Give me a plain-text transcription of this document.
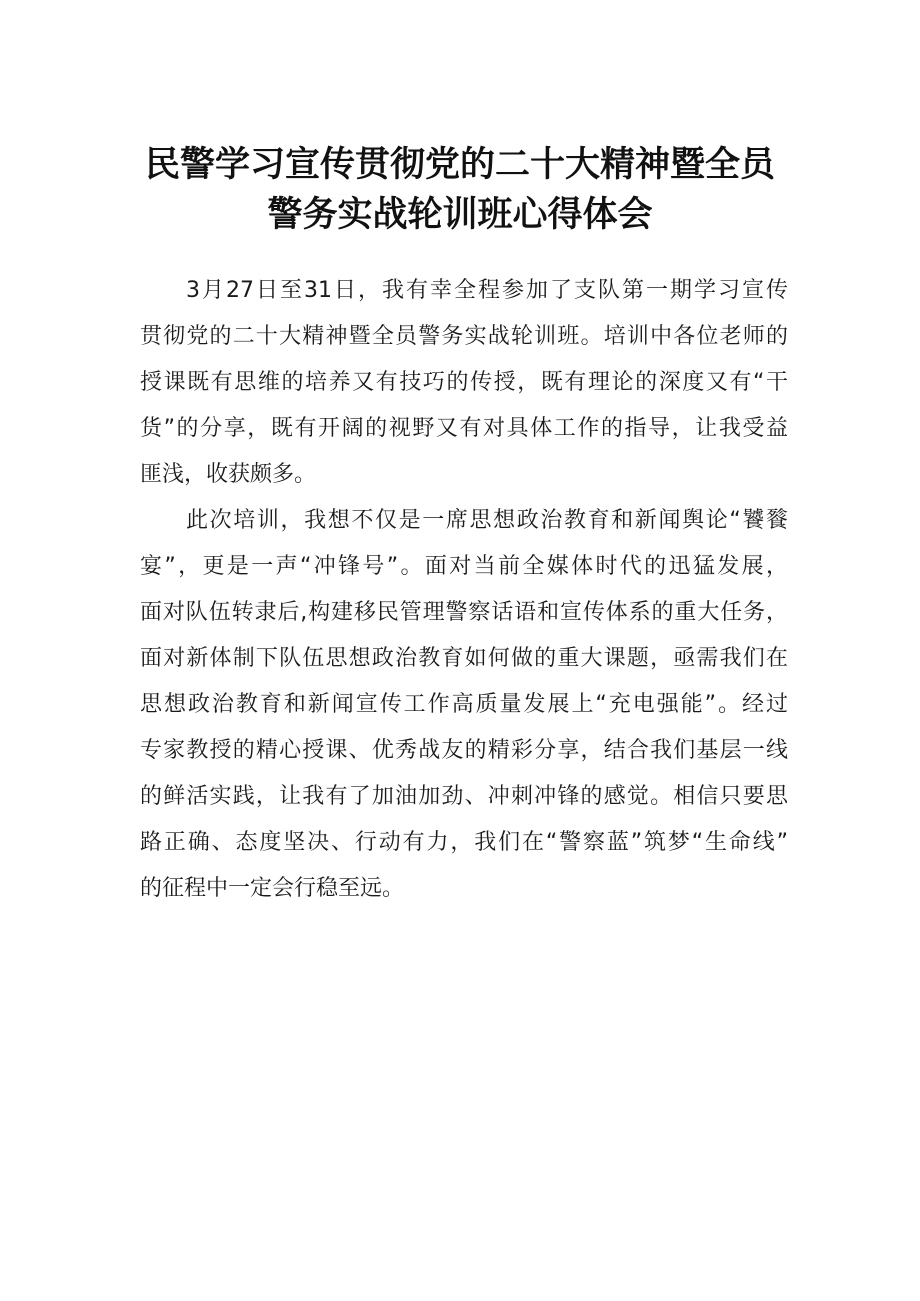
民警学习宣传贯彻党的二十大精神暨全员
警务实战轮训班心得体会

3月27日至31日，我有幸全程参加了支队第一期学习宣传
贯彻党的二十大精神暨全员警务实战轮训班。培训中各位老师的
授课既有思维的培养又有技巧的传授，既有理论的深度又有“干
货”的分享，既有开阔的视野又有对具体工作的指导，让我受益
匪浅，收获颇多。

此次培训，我想不仅是一席思想政治教育和新闻舆论“饕餮
宴”，更是一声“冲锋号”。面对当前全媒体时代的迅猛发展，
面对队伍转隶后,构建移民管理警察话语和宣传体系的重大任务，
面对新体制下队伍思想政治教育如何做的重大课题，亟需我们在
思想政治教育和新闻宣传工作高质量发展上“充电强能”。经过
专家教授的精心授课、优秀战友的精彩分享，结合我们基层一线
的鲜活实践，让我有了加油加劲、冲刺冲锋的感觉。相信只要思
路正确、态度坚决、行动有力，我们在“警察蓝”筑梦“生命线”
的征程中一定会行稳至远。
